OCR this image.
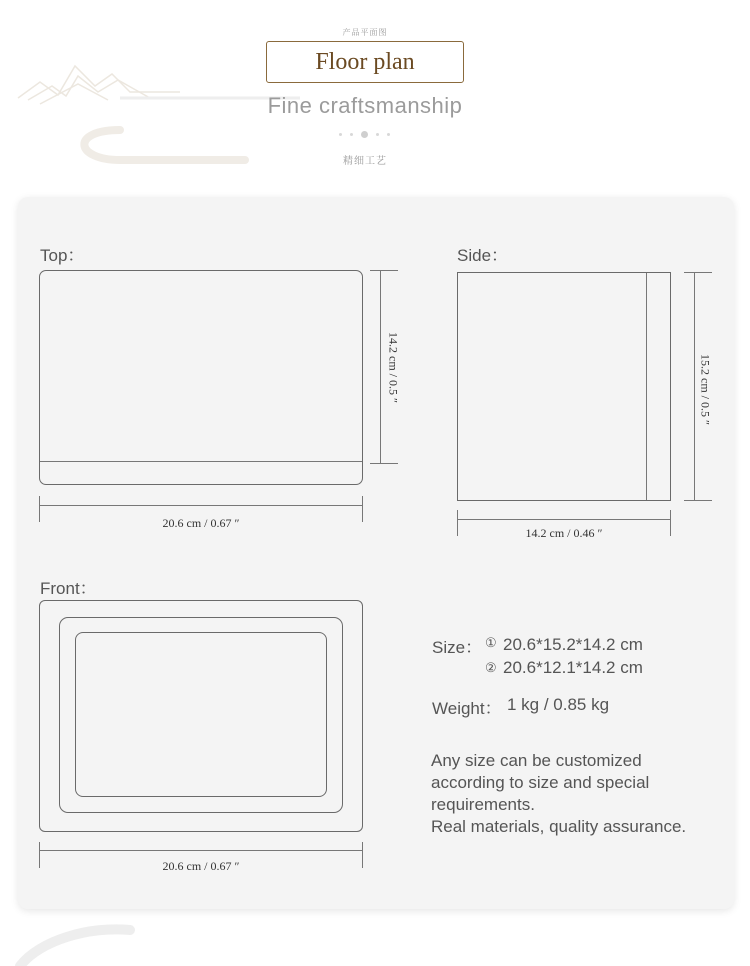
产品平面图
Floor plan
Fine craftsmanship
精细工艺
Top：
14.2 cm / 0.5 ″
20.6 cm / 0.67 ″
Side：
15.2 cm / 0.5 ″
14.2 cm / 0.46 ″
Front：
20.6 cm / 0.67 ″
Size： ① 20.6*15.2*14.2 cm
② 20.6*12.1*14.2 cm
Weight： 1 kg / 0.85 kg
Any size can be customized
according to size and special
requirements.
Real materials, quality assurance.
